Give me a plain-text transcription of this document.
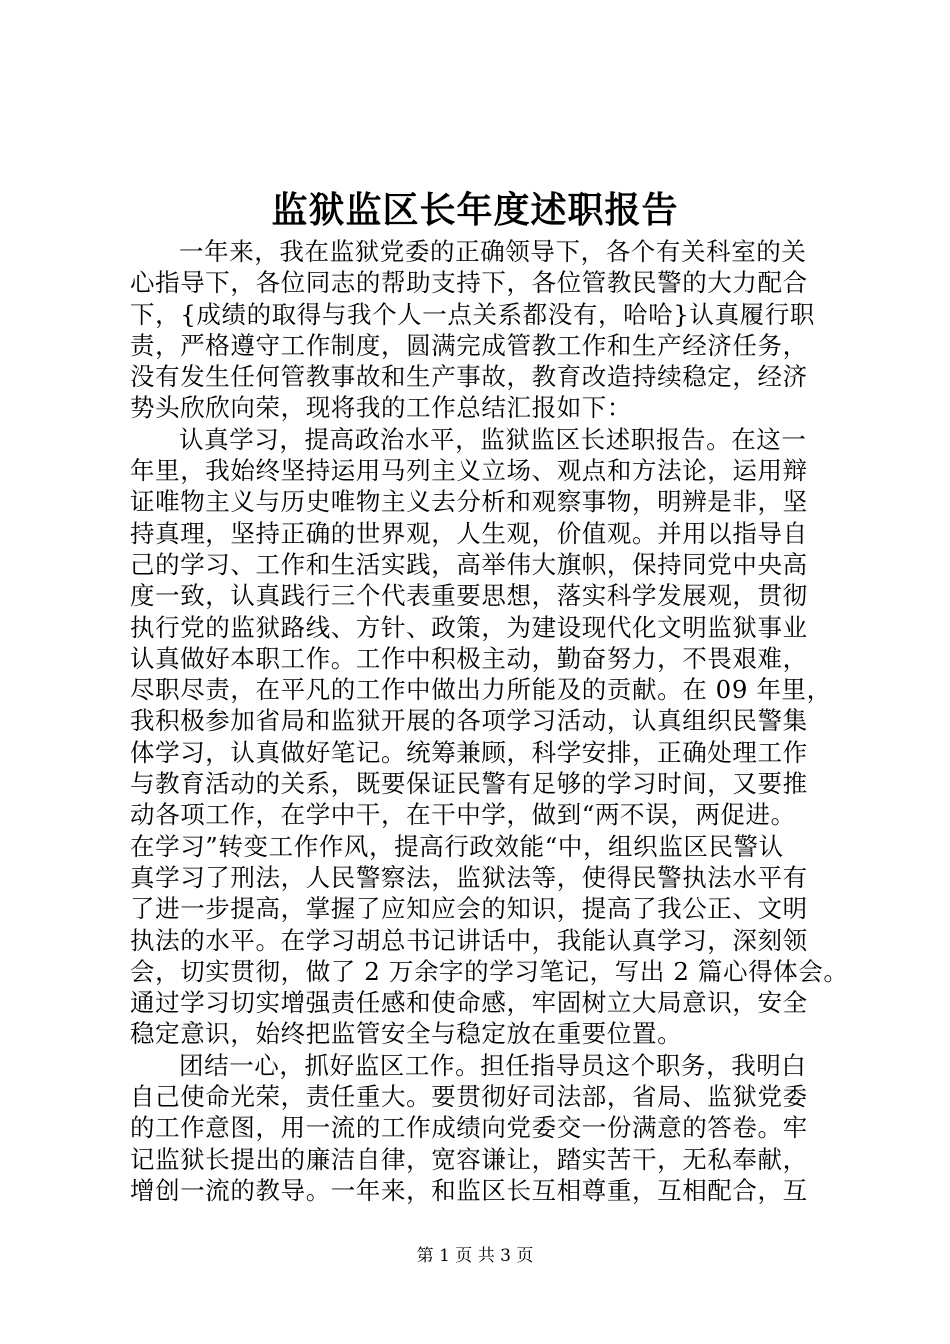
监狱监区长年度述职报告
一年来，我在监狱党委的正确领导下，各个有关科室的关
心指导下，各位同志的帮助支持下，各位管教民警的大力配合
下，{成绩的取得与我个人一点关系都没有，哈哈}认真履行职
责，严格遵守工作制度，圆满完成管教工作和生产经济任务，
没有发生任何管教事故和生产事故，教育改造持续稳定，经济
势头欣欣向荣，现将我的工作总结汇报如下：
认真学习，提高政治水平，监狱监区长述职报告。在这一
年里，我始终坚持运用马列主义立场、观点和方法论，运用辩
证唯物主义与历史唯物主义去分析和观察事物，明辨是非，坚
持真理，坚持正确的世界观，人生观，价值观。并用以指导自
己的学习、工作和生活实践，高举伟大旗帜，保持同党中央高
度一致，认真践行三个代表重要思想，落实科学发展观，贯彻
执行党的监狱路线、方针、政策，为建设现代化文明监狱事业
认真做好本职工作。工作中积极主动，勤奋努力，不畏艰难，
尽职尽责，在平凡的工作中做出力所能及的贡献。在 09 年里，
我积极参加省局和监狱开展的各项学习活动，认真组织民警集
体学习，认真做好笔记。统筹兼顾，科学安排，正确处理工作
与教育活动的关系，既要保证民警有足够的学习时间，又要推
动各项工作，在学中干，在干中学，做到“两不误，两促进。
在学习”转变工作作风，提高行政效能“中，组织监区民警认
真学习了刑法，人民警察法，监狱法等，使得民警执法水平有
了进一步提高，掌握了应知应会的知识，提高了我公正、文明
执法的水平。在学习胡总书记讲话中，我能认真学习，深刻领
会，切实贯彻，做了 2 万余字的学习笔记，写出 2 篇心得体会。
通过学习切实增强责任感和使命感，牢固树立大局意识，安全
稳定意识，始终把监管安全与稳定放在重要位置。
团结一心，抓好监区工作。担任指导员这个职务，我明白
自己使命光荣，责任重大。要贯彻好司法部，省局、监狱党委
的工作意图，用一流的工作成绩向党委交一份满意的答卷。牢
记监狱长提出的廉洁自律，宽容谦让，踏实苦干，无私奉献，
增创一流的教导。一年来，和监区长互相尊重，互相配合，互
第 1 页 共 3 页
